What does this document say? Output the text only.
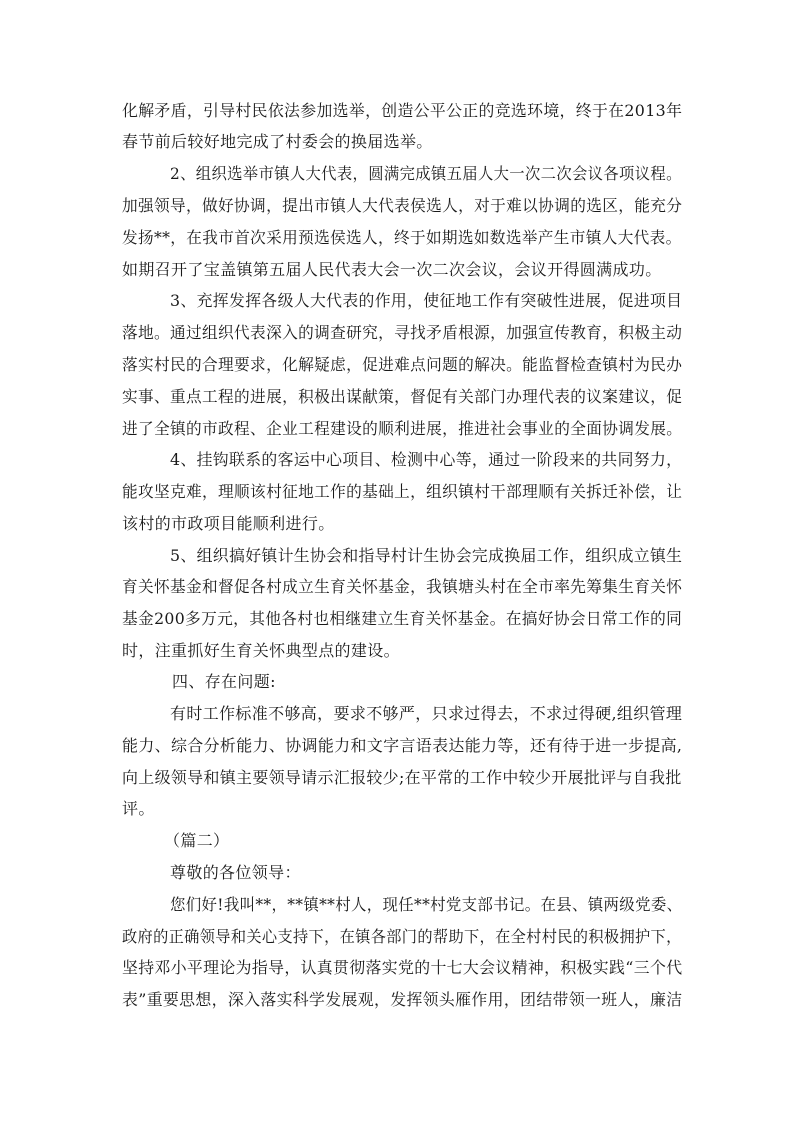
化解矛盾，引导村民依法参加选举，创造公平公正的竞选环境，终于在2013年
春节前后较好地完成了村委会的换届选举。
2、组织选举市镇人大代表，圆满完成镇五届人大一次二次会议各项议程。
加强领导，做好协调，提出市镇人大代表侯选人，对于难以协调的选区，能充分
发扬**，在我市首次采用预选侯选人，终于如期选如数选举产生市镇人大代表。
如期召开了宝盖镇第五届人民代表大会一次二次会议，会议开得圆满成功。
3、充挥发挥各级人大代表的作用，使征地工作有突破性进展，促进项目
落地。通过组织代表深入的调查研究，寻找矛盾根源，加强宣传教育，积极主动
落实村民的合理要求，化解疑虑，促进难点问题的解决。能监督检查镇村为民办
实事、重点工程的进展，积极出谋献策，督促有关部门办理代表的议案建议，促
进了全镇的市政程、企业工程建设的顺利进展，推进社会事业的全面协调发展。
4、挂钩联系的客运中心项目、检测中心等，通过一阶段来的共同努力，
能攻坚克难，理顺该村征地工作的基础上，组织镇村干部理顺有关拆迁补偿，让
该村的市政项目能顺利进行。
5、组织搞好镇计生协会和指导村计生协会完成换届工作，组织成立镇生
育关怀基金和督促各村成立生育关怀基金，我镇塘头村在全市率先筹集生育关怀
基金200多万元，其他各村也相继建立生育关怀基金。在搞好协会日常工作的同
时，注重抓好生育关怀典型点的建设。
四、存在问题:
有时工作标准不够高，要求不够严，只求过得去，不求过得硬,组织管理
能力、综合分析能力、协调能力和文字言语表达能力等，还有待于进一步提高,
向上级领导和镇主要领导请示汇报较少;在平常的工作中较少开展批评与自我批
评。
（篇二）
尊敬的各位领导：
您们好!我叫**，**镇**村人，现任**村党支部书记。在县、镇两级党委、
政府的正确领导和关心支持下，在镇各部门的帮助下，在全村村民的积极拥护下，
坚持邓小平理论为指导，认真贯彻落实党的十七大会议精神，积极实践“三个代
表”重要思想，深入落实科学发展观，发挥领头雁作用，团结带领一班人，廉洁
